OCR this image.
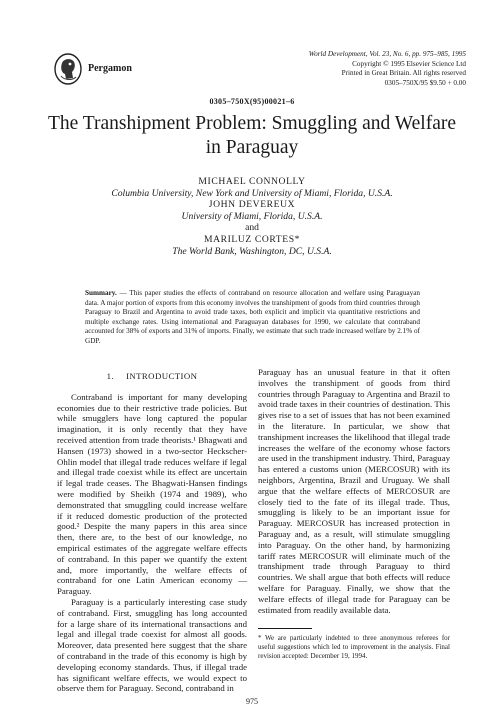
Pergamon
World Development, Vol. 23, No. 6, pp. 975–985, 1995
Copyright © 1995 Elsevier Science Ltd
Printed in Great Britain. All rights reserved
0305–750X/95 $9.50 + 0.00
0305–750X(95)00021–6
The Transhipment Problem: Smuggling and Welfare
in Paraguay
MICHAEL CONNOLLY
Columbia University, New York and University of Miami, Florida, U.S.A.
JOHN DEVEREUX
University of Miami, Florida, U.S.A.
and
MARILUZ CORTES*
The World Bank, Washington, DC, U.S.A.
Summary. — This paper studies the effects of contraband on resource allocation and welfare using Paraguayan data. A major portion of exports from this economy involves the transhipment of goods from third countries through Paraguay to Brazil and Argentina to avoid trade taxes, both explicit and implicit via quantitative restrictions and multiple exchange rates. Using international and Paraguayan databases for 1990, we calculate that contraband accounted for 38% of exports and 31% of imports. Finally, we estimate that such trade increased welfare by 2.1% of GDP.
1. INTRODUCTION

Contraband is important for many developing economies due to their restrictive trade policies. But while smugglers have long captured the popular imagination, it is only recently that they have received attention from trade theorists.¹ Bhagwati and Hansen (1973) showed in a two-sector Heckscher-Ohlin model that illegal trade reduces welfare if legal and illegal trade coexist while its effect are uncertain if legal trade ceases. The Bhagwati-Hansen findings were modified by Sheikh (1974 and 1989), who demonstrated that smuggling could increase welfare if it reduced domestic production of the protected good.² Despite the many papers in this area since then, there are, to the best of our knowledge, no empirical estimates of the aggregate welfare effects of contraband. In this paper we quantify the extent and, more importantly, the welfare effects of contraband for one Latin American economy — Paraguay.

Paraguay is a particularly interesting case study of contraband. First, smuggling has long accounted for a large share of its international transactions and legal and illegal trade coexist for almost all goods. Moreover, data presented here suggest that the share of contraband in the trade of this economy is high by developing economy standards. Thus, if illegal trade has significant welfare effects, we would expect to observe them for Paraguay. Second, contraband in

Paraguay has an unusual feature in that it often involves the transhipment of goods from third countries through Paraguay to Argentina and Brazil to avoid trade taxes in their countries of destination. This gives rise to a set of issues that has not been examined in the literature. In particular, we show that transhipment increases the likelihood that illegal trade increases the welfare of the economy whose factors are used in the transhipment industry. Third, Paraguay has entered a customs union (MERCOSUR) with its neighbors, Argentina, Brazil and Uruguay. We shall argue that the welfare effects of MERCOSUR are closely tied to the fate of its illegal trade. Thus, smuggling is likely to be an important issue for Paraguay. MERCOSUR has increased protection in Paraguay and, as a result, will stimulate smuggling into Paraguay. On the other hand, by harmonizing tariff rates MERCOSUR will eliminate much of the transhipment trade through Paraguay to third countries. We shall argue that both effects will reduce welfare for Paraguay. Finally, we show that the welfare effects of illegal trade for Paraguay can be estimated from readily available data.

* We are particularly indebted to three anonymous referees for useful suggestions which led to improvement in the analysis. Final revision accepted: December 19, 1994.
975
